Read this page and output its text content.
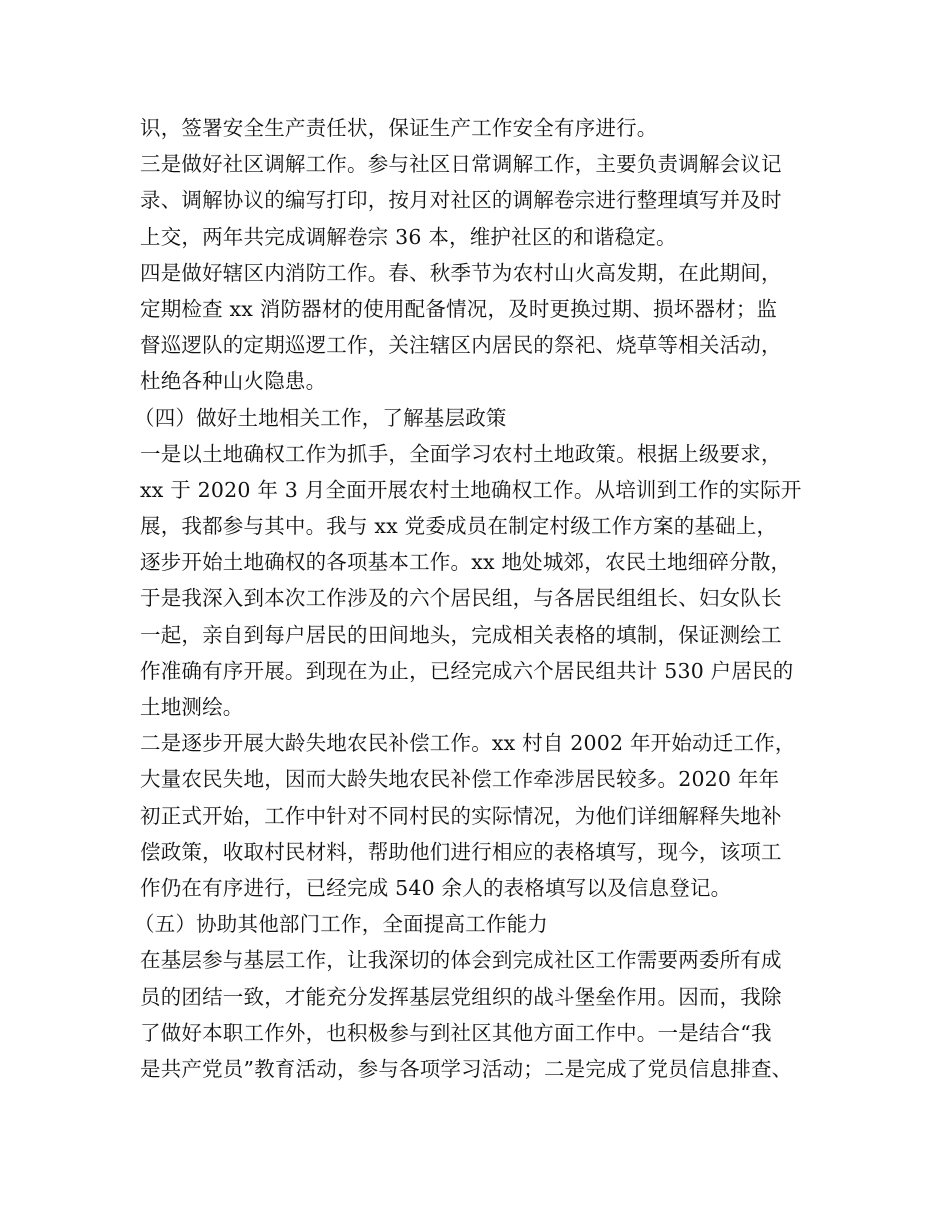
识，签署安全生产责任状，保证生产工作安全有序进行。
三是做好社区调解工作。参与社区日常调解工作，主要负责调解会议记
录、调解协议的编写打印，按月对社区的调解卷宗进行整理填写并及时
上交，两年共完成调解卷宗 36 本，维护社区的和谐稳定。
四是做好辖区内消防工作。春、秋季节为农村山火高发期，在此期间，
定期检查 xx 消防器材的使用配备情况，及时更换过期、损坏器材；监
督巡逻队的定期巡逻工作，关注辖区内居民的祭祀、烧草等相关活动，
杜绝各种山火隐患。
（四）做好土地相关工作，了解基层政策
一是以土地确权工作为抓手，全面学习农村土地政策。根据上级要求，
xx 于 2020 年 3 月全面开展农村土地确权工作。从培训到工作的实际开
展，我都参与其中。我与 xx 党委成员在制定村级工作方案的基础上，
逐步开始土地确权的各项基本工作。xx 地处城郊，农民土地细碎分散，
于是我深入到本次工作涉及的六个居民组，与各居民组组长、妇女队长
一起，亲自到每户居民的田间地头，完成相关表格的填制，保证测绘工
作准确有序开展。到现在为止，已经完成六个居民组共计 530 户居民的
土地测绘。
二是逐步开展大龄失地农民补偿工作。xx 村自 2002 年开始动迁工作，
大量农民失地，因而大龄失地农民补偿工作牵涉居民较多。2020 年年
初正式开始，工作中针对不同村民的实际情况，为他们详细解释失地补
偿政策，收取村民材料，帮助他们进行相应的表格填写，现今，该项工
作仍在有序进行，已经完成 540 余人的表格填写以及信息登记。
（五）协助其他部门工作，全面提高工作能力
在基层参与基层工作，让我深切的体会到完成社区工作需要两委所有成
员的团结一致，才能充分发挥基层党组织的战斗堡垒作用。因而，我除
了做好本职工作外，也积极参与到社区其他方面工作中。一是结合“我
是共产党员”教育活动，参与各项学习活动；二是完成了党员信息排查、
